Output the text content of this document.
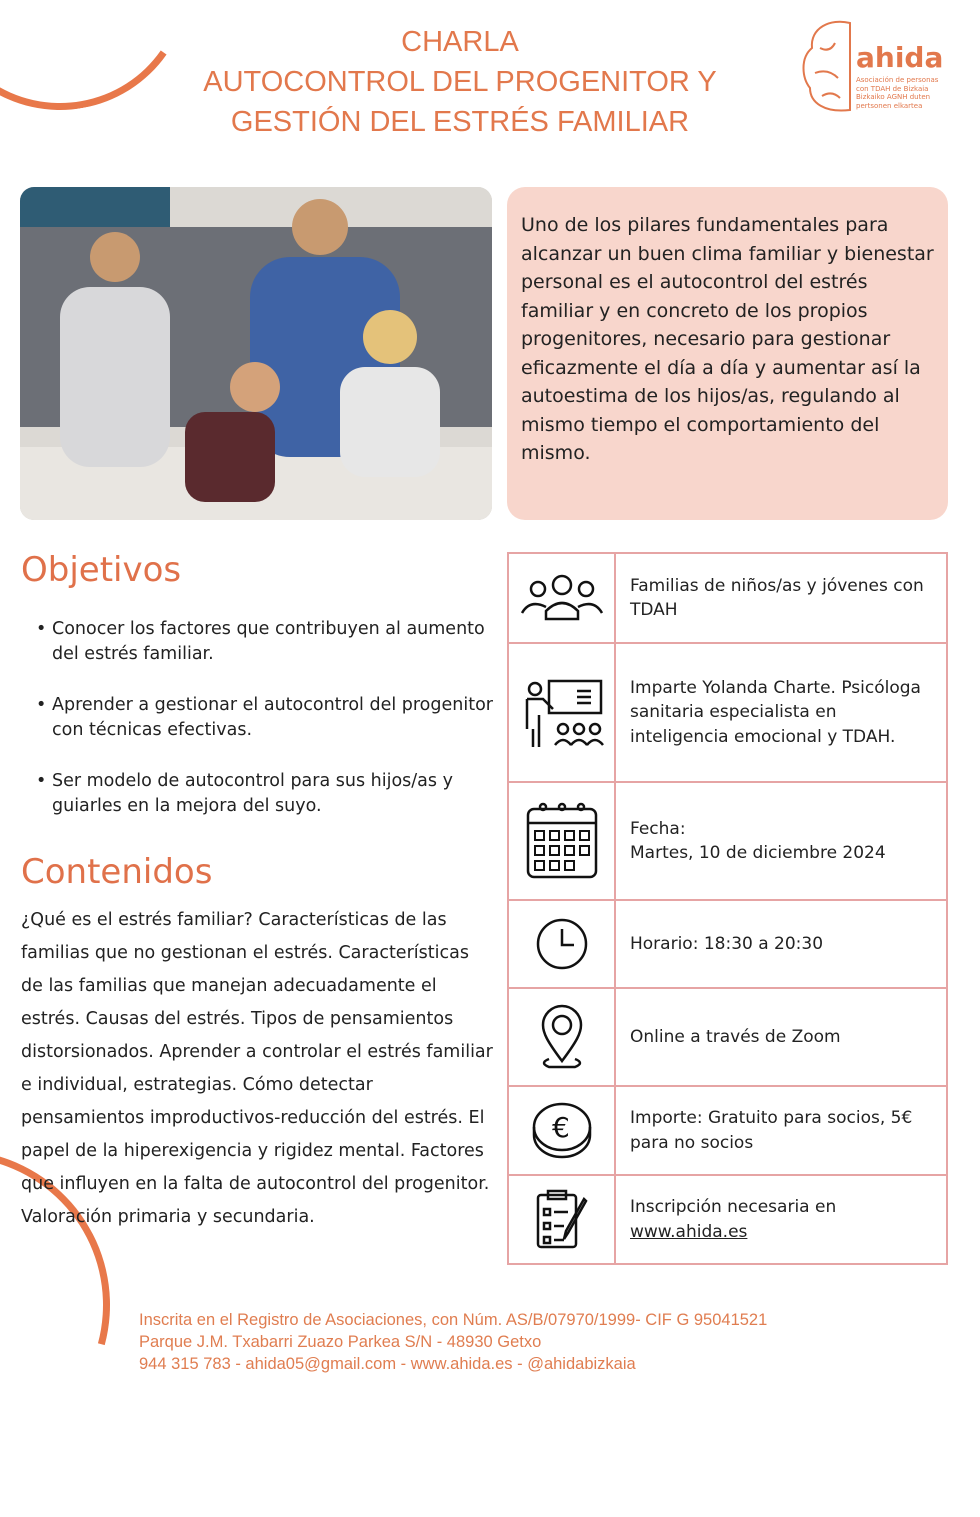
CHARLA
AUTOCONTROL DEL PROGENITOR Y
GESTIÓN DEL ESTRÉS FAMILIAR
ahida
Asociación de personas
con TDAH de Bizkaia
Bizkaiko AGNH duten
pertsonen elkartea
Uno de los pilares fundamentales para alcanzar un buen clima familiar y bienestar personal es el autocontrol del estrés familiar y en concreto de los propios progenitores, necesario para gestionar eficazmente el día a día y aumentar así la autoestima de los hijos/as, regulando al mismo tiempo el comportamiento del mismo.
Objetivos
• Conocer los factores que contribuyen al aumento del estrés familiar.
• Aprender a gestionar el autocontrol del progenitor con técnicas efectivas.
• Ser modelo de autocontrol para sus hijos/as y guiarles en la mejora del suyo.
Contenidos
¿Qué es el estrés familiar? Características de las familias que no gestionan el estrés. Características de las familias que manejan adecuadamente el estrés. Causas del estrés. Tipos de pensamientos distorsionados. Aprender a controlar el estrés familiar e individual, estrategias. Cómo detectar pensamientos improductivos-reducción del estrés. El papel de la hiperexigencia y rigidez mental. Factores que influyen en la falta de autocontrol del progenitor. Valoración primaria y secundaria.
Familias de niños/as y jóvenes con TDAH
Imparte Yolanda Charte. Psicóloga sanitaria especialista en inteligencia emocional y TDAH.
Fecha:
Martes, 10 de diciembre 2024
Horario: 18:30 a 20:30
Online a través de Zoom
€	Importe: Gratuito para socios, 5€ para no socios
Inscripción necesaria en
www.ahida.es
Inscrita en el Registro de Asociaciones, con Núm. AS/B/07970/1999- CIF G 95041521
Parque J.M. Txabarri Zuazo Parkea S/N - 48930 Getxo
944 315 783 - ahida05@gmail.com - www.ahida.es - @ahidabizkaia
